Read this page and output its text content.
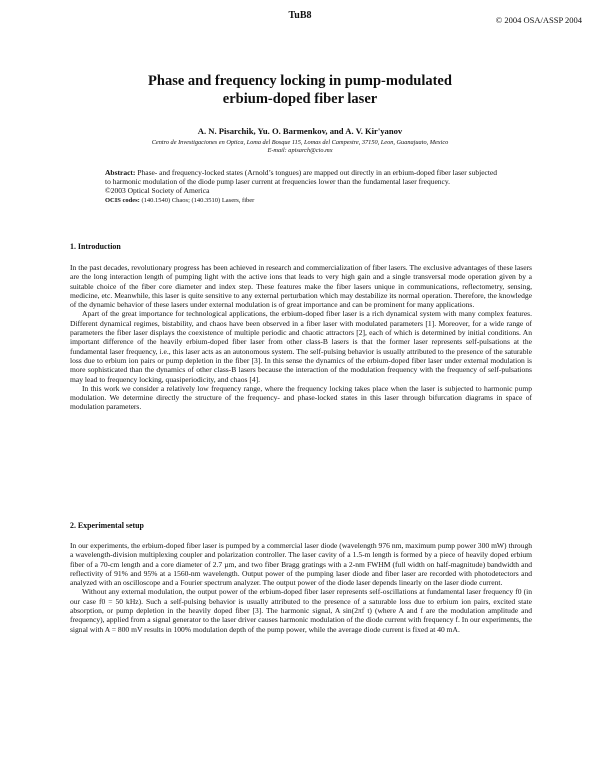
TuB8	© 2004 OSA/ASSP 2004
Phase and frequency locking in pump-modulated
erbium-doped fiber laser
A. N. Pisarchik, Yu. O. Barmenkov, and A. V. Kir'yanov
Centro de Investigaciones en Optica, Loma del Bosque 115, Lomas del Campestre, 37150, Leon, Guanajuato, Mexico
E-mail: apisarch@cio.mx
Abstract: Phase- and frequency-locked states (Arnold’s tongues) are mapped out directly in an erbium-doped fiber laser subjected to harmonic modulation of the diode pump laser current at frequencies lower than the fundamental laser frequency.
©2003 Optical Society of America
OCIS codes: (140.1540) Chaos; (140.3510) Lasers, fiber
1. Introduction

In the past decades, revolutionary progress has been achieved in research and commercialization of fiber lasers. The exclusive advantages of these lasers are the long interaction length of pumping light with the active ions that leads to very high gain and a single transversal mode operation given by a suitable choice of the fiber core diameter and index step. These features make the fiber lasers unique in communications, reflectometry, sensing, medicine, etc. Meanwhile, this laser is quite sensitive to any external perturbation which may destabilize its normal operation. Therefore, the knowledge of the dynamic behavior of these lasers under external modulation is of great importance and can be prominent for many applications.

Apart of the great importance for technological applications, the erbium-doped fiber laser is a rich dynamical system with many complex features. Different dynamical regimes, bistability, and chaos have been observed in a fiber laser with modulated parameters [1]. Moreover, for a wide range of parameters the fiber laser displays the coexistence of multiple periodic and chaotic attractors [2], each of which is determined by initial conditions. An important difference of the heavily erbium-doped fiber laser from other class-B lasers is that the former laser represents self-pulsations at the fundamental laser frequency, i.e., this laser acts as an autonomous system. The self-pulsing behavior is usually attributed to the presence of the saturable loss due to erbium ion pairs or pump depletion in the fiber [3]. In this sense the dynamics of the erbium-doped fiber laser under external modulation is more sophisticated than the dynamics of other class-B lasers because the interaction of the modulation frequency with the frequency of self-pulsations may lead to frequency locking, quasiperiodicity, and chaos [4].

In this work we consider a relatively low frequency range, where the frequency locking takes place when the laser is subjected to harmonic pump modulation. We determine directly the structure of the frequency- and phase-locked states in this laser through bifurcation diagrams in space of modulation parameters.

2. Experimental setup

In our experiments, the erbium-doped fiber laser is pumped by a commercial laser diode (wavelength 976 nm, maximum pump power 300 mW) through a wavelength-division multiplexing coupler and polarization controller. The laser cavity of a 1.5-m length is formed by a piece of heavily doped erbium fiber of a 70-cm length and a core diameter of 2.7 µm, and two fiber Bragg gratings with a 2-nm FWHM (full width on half-magnitude) bandwidth and reflectivity of 91% and 95% at a 1560-nm wavelength. Output power of the pumping laser diode and fiber laser are recorded with photodetectors and analyzed with an oscilloscope and a Fourier spectrum analyzer. The output power of the diode laser depends linearly on the laser diode current.

Without any external modulation, the output power of the erbium-doped fiber laser represents self-oscillations at fundamental laser frequency f0 (in our case f0 = 50 kHz). Such a self-pulsing behavior is usually attributed to the presence of a saturable loss due to erbium ion pairs, excited state absorption, or pump depletion in the heavily doped fiber [3]. The harmonic signal, A sin(2πf t) (where A and f are the modulation amplitude and frequency), applied from a signal generator to the laser driver causes harmonic modulation of the diode current with frequency f. In our experiments, the signal with A = 800 mV results in 100% modulation depth of the pump power, while the average diode current is fixed at 40 mA.
